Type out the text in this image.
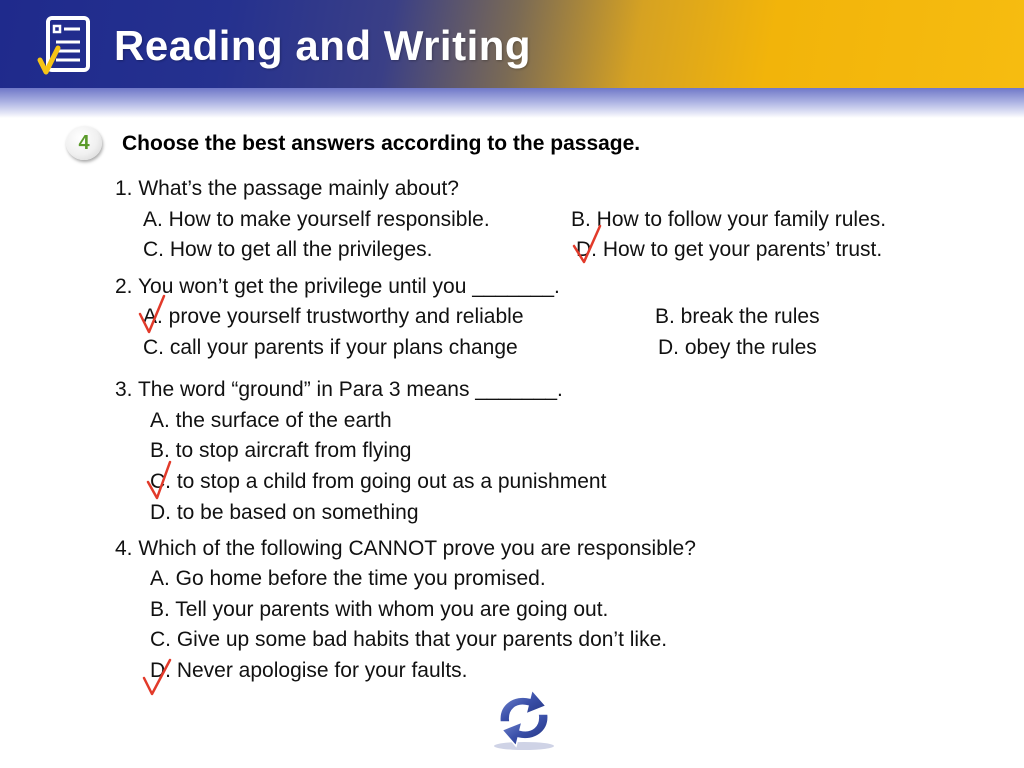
Reading and Writing
4	Choose the best answers according to the passage.
1. What’s the passage mainly about?
A. How to make yourself responsible.	B. How to follow your family rules.
C. How to get all the privileges.	D. How to get your parents’ trust.
2. You won’t get the privilege until you _______.
A. prove yourself trustworthy and reliable	B. break the rules
C. call your parents if your plans change	D. obey the rules
3. The word “ground” in Para 3 means _______.
A. the surface of the earth
B. to stop aircraft from flying
C. to stop a child from going out as a punishment
D. to be based on something
4. Which of the following CANNOT prove you are responsible?
A. Go home before the time you promised.
B. Tell your parents with whom you are going out.
C. Give up some bad habits that your parents don’t like.
D. Never apologise for your faults.
